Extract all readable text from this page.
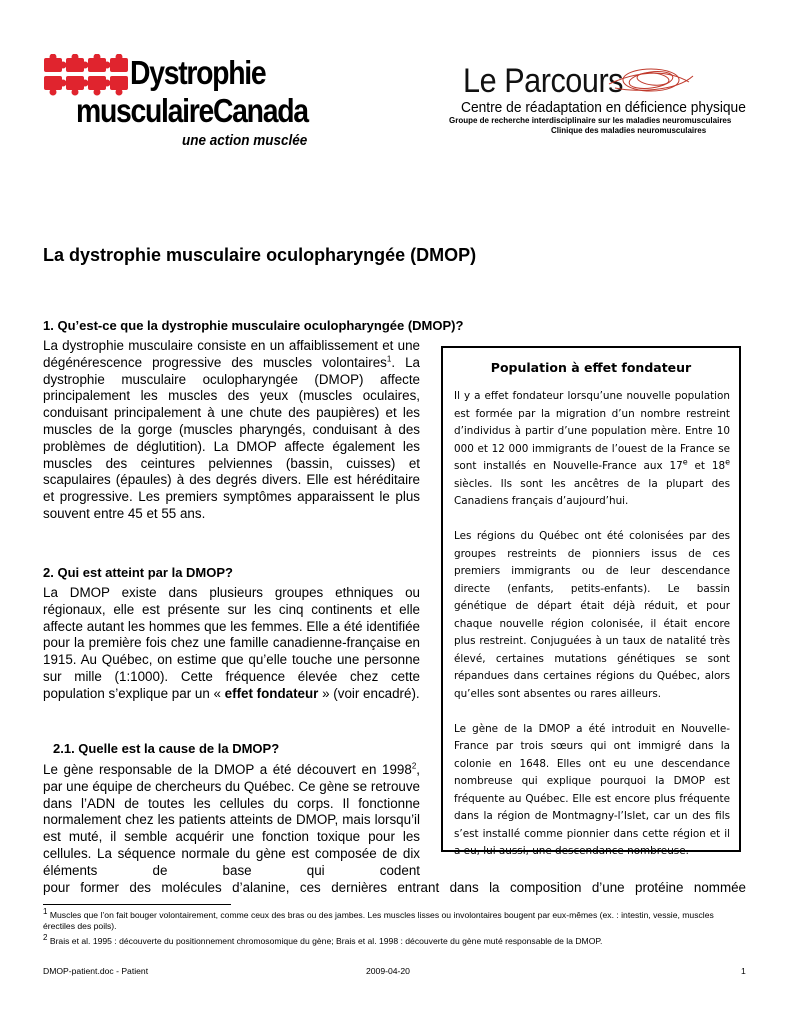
Dystrophie
musculaireCanada
une action musclée
Le Parcours
Centre de réadaptation en déficience physique
Groupe de recherche interdisciplinaire sur les maladies neuromusculaires
Clinique des maladies neuromusculaires
La dystrophie musculaire oculopharyngée (DMOP)
1. Qu’est-ce que la dystrophie musculaire oculopharyngée (DMOP)?

La dystrophie musculaire consiste en un affaiblissement et une dégénérescence progressive des muscles volontaires$^1$. La dystrophie musculaire oculopharyngée (DMOP) affecte principalement les muscles des yeux (muscles oculaires, conduisant principalement à une chute des paupières) et les muscles de la gorge (muscles pharyngés, conduisant à des problèmes de déglutition). La DMOP affecte également les muscles des ceintures pelviennes (bassin, cuisses) et scapulaires (épaules) à des degrés divers. Elle est héréditaire et progressive. Les premiers symptômes apparaissent le plus souvent entre 45 et 55 ans.

2. Qui est atteint par la DMOP?

La DMOP existe dans plusieurs groupes ethniques ou régionaux, elle est présente sur les cinq continents et elle affecte autant les hommes que les femmes. Elle a été identifiée pour la première fois chez une famille canadienne-française en 1915. Au Québec, on estime que qu’elle touche une personne sur mille (1:1000). Cette fréquence élevée chez cette population s’explique par un « effet fondateur » (voir encadré).

2.1. Quelle est la cause de la DMOP?

Le gène responsable de la DMOP a été découvert en 1998$^2$, par une équipe de chercheurs du Québec. Ce gène se retrouve dans l’ADN de toutes les cellules du corps. Il fonctionne normalement chez les patients atteints de DMOP, mais lorsqu’il est muté, il semble acquérir une fonction toxique pour les cellules. La séquence normale du gène est composée de dix éléments de base qui codent

pour former des molécules d’alanine, ces dernières entrant dans la composition d’une protéine nommée
Population à effet fondateur

Il y a effet fondateur lorsqu’une nouvelle population est formée par la migration d’un nombre restreint d’individus à partir d’une population mère. Entre 10 000 et 12 000 immigrants de l’ouest de la France se sont installés en Nouvelle-France aux 17e et 18e siècles. Ils sont les ancêtres de la plupart des Canadiens français d’aujourd’hui.

Les régions du Québec ont été colonisées par des groupes restreints de pionniers issus de ces premiers immigrants ou de leur descendance directe (enfants, petits-enfants). Le bassin génétique de départ était déjà réduit, et pour chaque nouvelle région colonisée, il était encore plus restreint. Conjuguées à un taux de natalité très élevé, certaines mutations génétiques se sont répandues dans certaines régions du Québec, alors qu’elles sont absentes ou rares ailleurs.

Le gène de la DMOP a été introduit en Nouvelle-France par trois sœurs qui ont immigré dans la colonie en 1648. Elles ont eu une descendance nombreuse qui explique pourquoi la DMOP est fréquente au Québec. Elle est encore plus fréquente dans la région de Montmagny-l’Islet, car un des fils s’est installé comme pionnier dans cette région et il a eu, lui aussi, une descendance nombreuse.

$^1$ Muscles que l’on fait bouger volontairement, comme ceux des bras ou des jambes. Les muscles lisses ou involontaires bougent par eux-mêmes (ex. : intestin, vessie, muscles érectiles des poils).
$^2$ Brais et al. 1995 : découverte du positionnement chromosomique du gène; Brais et al. 1998 : découverte du gène muté responsable de la DMOP.
DMOP-patient.doc - Patient	2009-04-20	1
